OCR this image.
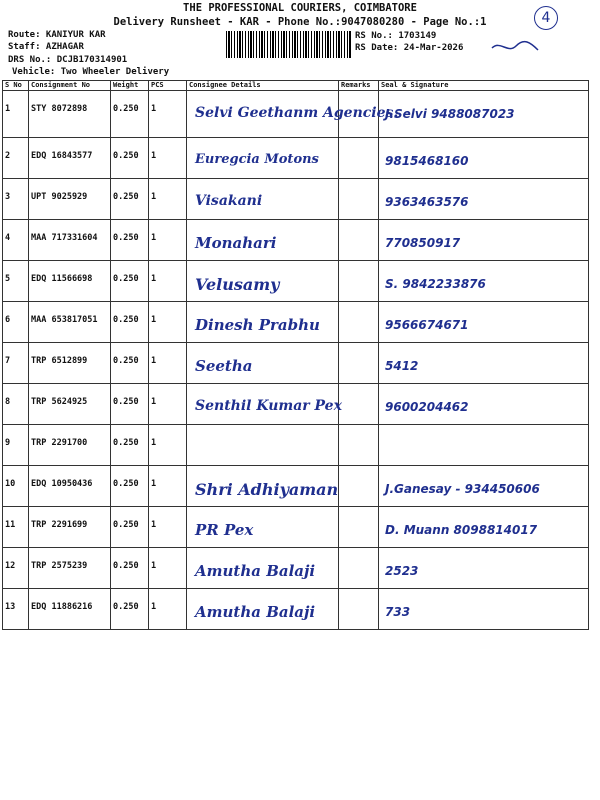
THE PROFESSIONAL COURIERS, COIMBATORE
Delivery Runsheet - KAR - Phone No.:9047080280 - Page No.:1	4
Route: KANIYUR KAR
Staff: AZHAGAR
DRS No.: DCJB170314901
Vehicle: Two Wheeler Delivery
RS No.: 1703149
RS Date: 24-Mar-2026
S No	Consignment No	Weight	PCS	Consignee Details	Remarks	Seal & Signature
1	STY 8072898	0.250	1	Selvi Geethanm Agencies.		J.Selvi 9488087023

2	EDQ 16843577	0.250	1	Euregcia Motons		9815468160

3	UPT 9025929	0.250	1	Visakani		9363463576

4	MAA 717331604	0.250	1	Monahari		770850917

5	EDQ 11566698	0.250	1	Velusamy		S. 9842233876

6	MAA 653817051	0.250	1	Dinesh Prabhu		9566674671

7	TRP 6512899	0.250	1	Seetha		5412

8	TRP 5624925	0.250	1	Senthil Kumar Pex		9600204462

9	TRP 2291700	0.250	1	

10	EDQ 10950436	0.250	1	Shri Adhiyaman		J.Ganesay - 934450606

11	TRP 2291699	0.250	1	PR Pex		D. Muann 8098814017

12	TRP 2575239	0.250	1	Amutha Balaji		2523

13	EDQ 11886216	0.250	1	Amutha Balaji		733
